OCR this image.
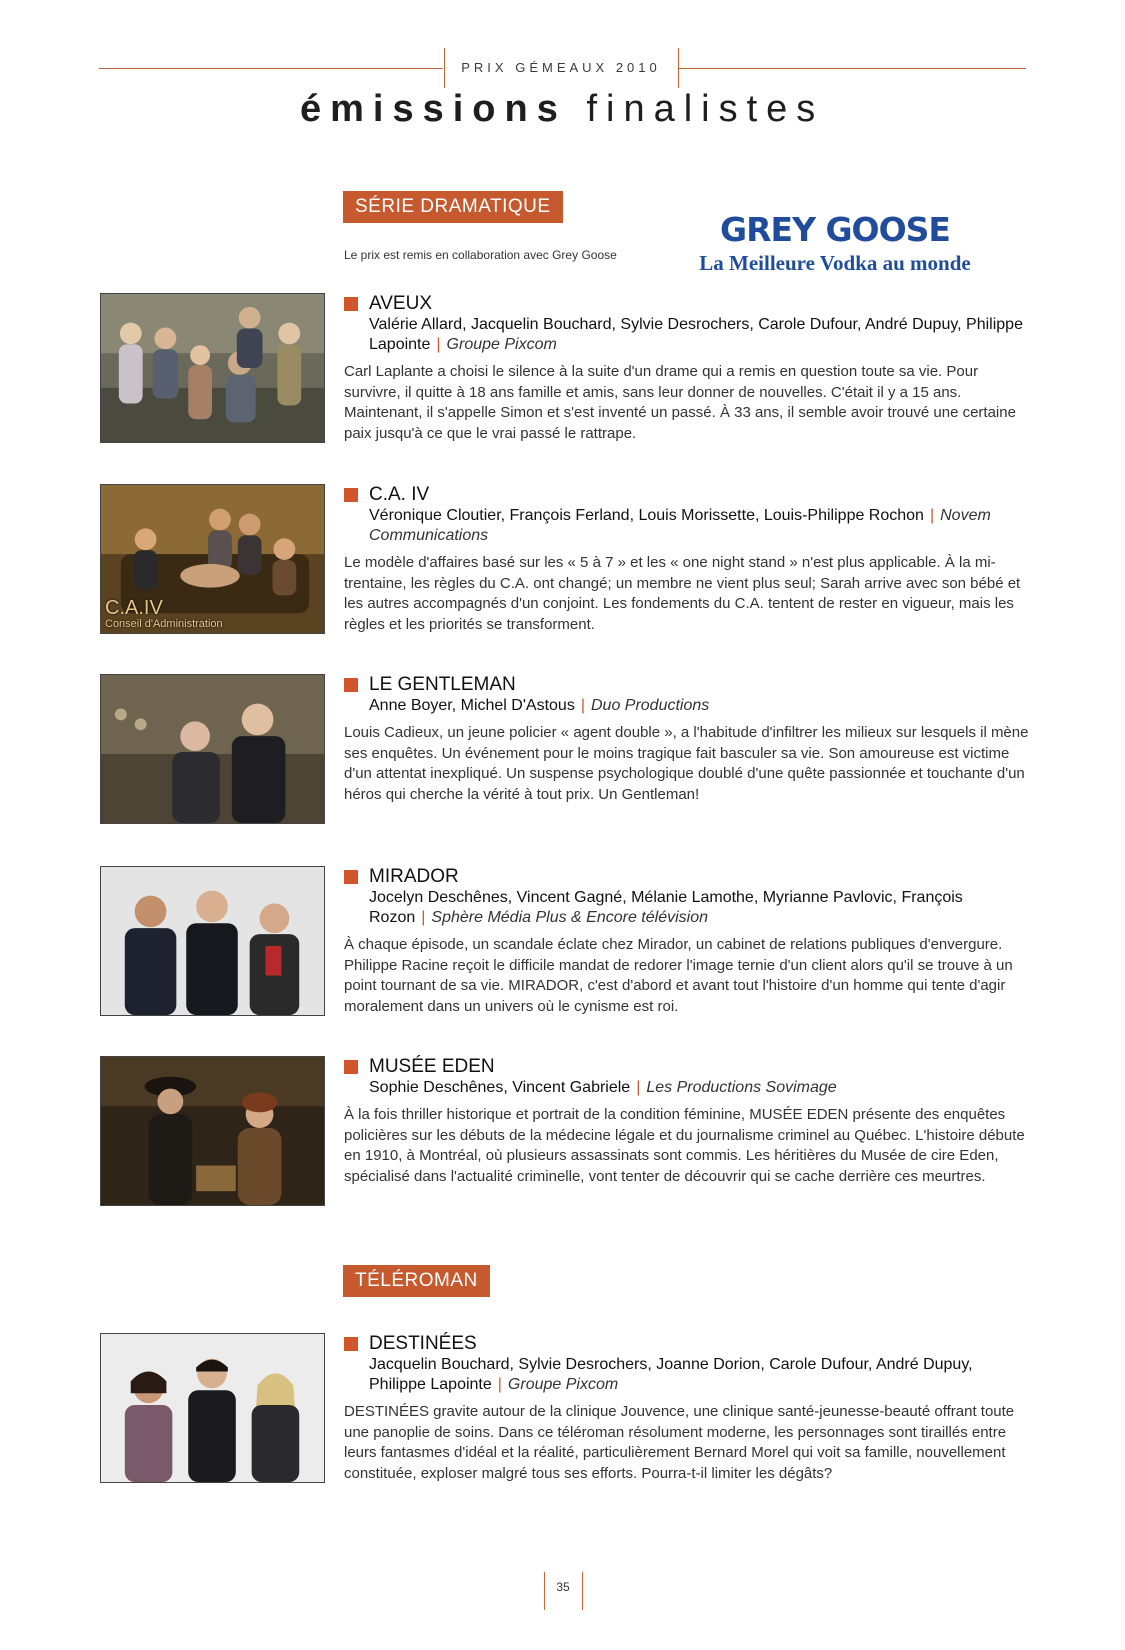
PRIX GÉMEAUX 2010
émissions finalistes
SÉRIE DRAMATIQUE
Le prix est remis en collaboration avec Grey Goose
GREY GOOSE
La Meilleure Vodka au monde
AVEUX
Valérie Allard, Jacquelin Bouchard, Sylvie Desrochers, Carole Dufour, André Dupuy, Philippe Lapointe | Groupe Pixcom
Carl Laplante a choisi le silence à la suite d'un drame qui a remis en question toute sa vie. Pour survivre, il quitte à 18 ans famille et amis, sans leur donner de nouvelles. C'était il y a 15 ans. Maintenant, il s'appelle Simon et s'est inventé un passé. À 33 ans, il semble avoir trouvé une certaine paix jusqu'à ce que le vrai passé le rattrape.
C.A.IV
Conseil d'Administration
C.A. IV
Véronique Cloutier, François Ferland, Louis Morissette, Louis-Philippe Rochon | Novem Communications
Le modèle d'affaires basé sur les « 5 à 7 » et les « one night stand » n'est plus applicable. À la mi-trentaine, les règles du C.A. ont changé; un membre ne vient plus seul; Sarah arrive avec son bébé et les autres accompagnés d'un conjoint. Les fondements du C.A. tentent de rester en vigueur, mais les règles et les priorités se transforment.
LE GENTLEMAN
Anne Boyer, Michel D'Astous | Duo Productions
Louis Cadieux, un jeune policier « agent double », a l'habitude d'infiltrer les milieux sur lesquels il mène ses enquêtes. Un événement pour le moins tragique fait basculer sa vie. Son amoureuse est victime d'un attentat inexpliqué. Un suspense psychologique doublé d'une quête passionnée et touchante d'un héros qui cherche la vérité à tout prix. Un Gentleman!
MIRADOR
Jocelyn Deschênes, Vincent Gagné, Mélanie Lamothe, Myrianne Pavlovic, François Rozon | Sphère Média Plus & Encore télévision
À chaque épisode, un scandale éclate chez Mirador, un cabinet de relations publiques d'envergure. Philippe Racine reçoit le difficile mandat de redorer l'image ternie d'un client alors qu'il se trouve à un point tournant de sa vie. MIRADOR, c'est d'abord et avant tout l'histoire d'un homme qui tente d'agir moralement dans un univers où le cynisme est roi.
MUSÉE EDEN
Sophie Deschênes, Vincent Gabriele | Les Productions Sovimage
À la fois thriller historique et portrait de la condition féminine, MUSÉE EDEN présente des enquêtes policières sur les débuts de la médecine légale et du journalisme criminel au Québec. L'histoire débute en 1910, à Montréal, où plusieurs assassinats sont commis. Les héritières du Musée de cire Eden, spécialisé dans l'actualité criminelle, vont tenter de découvrir qui se cache derrière ces meurtres.
TÉLÉROMAN
DESTINÉES
Jacquelin Bouchard, Sylvie Desrochers, Joanne Dorion, Carole Dufour, André Dupuy, Philippe Lapointe | Groupe Pixcom
DESTINÉES gravite autour de la clinique Jouvence, une clinique santé-jeunesse-beauté offrant toute une panoplie de soins. Dans ce téléroman résolument moderne, les personnages sont tiraillés entre leurs fantasmes d'idéal et la réalité, particulièrement Bernard Morel qui voit sa famille, nouvellement constituée, exploser malgré tous ses efforts. Pourra-t-il limiter les dégâts?
35
